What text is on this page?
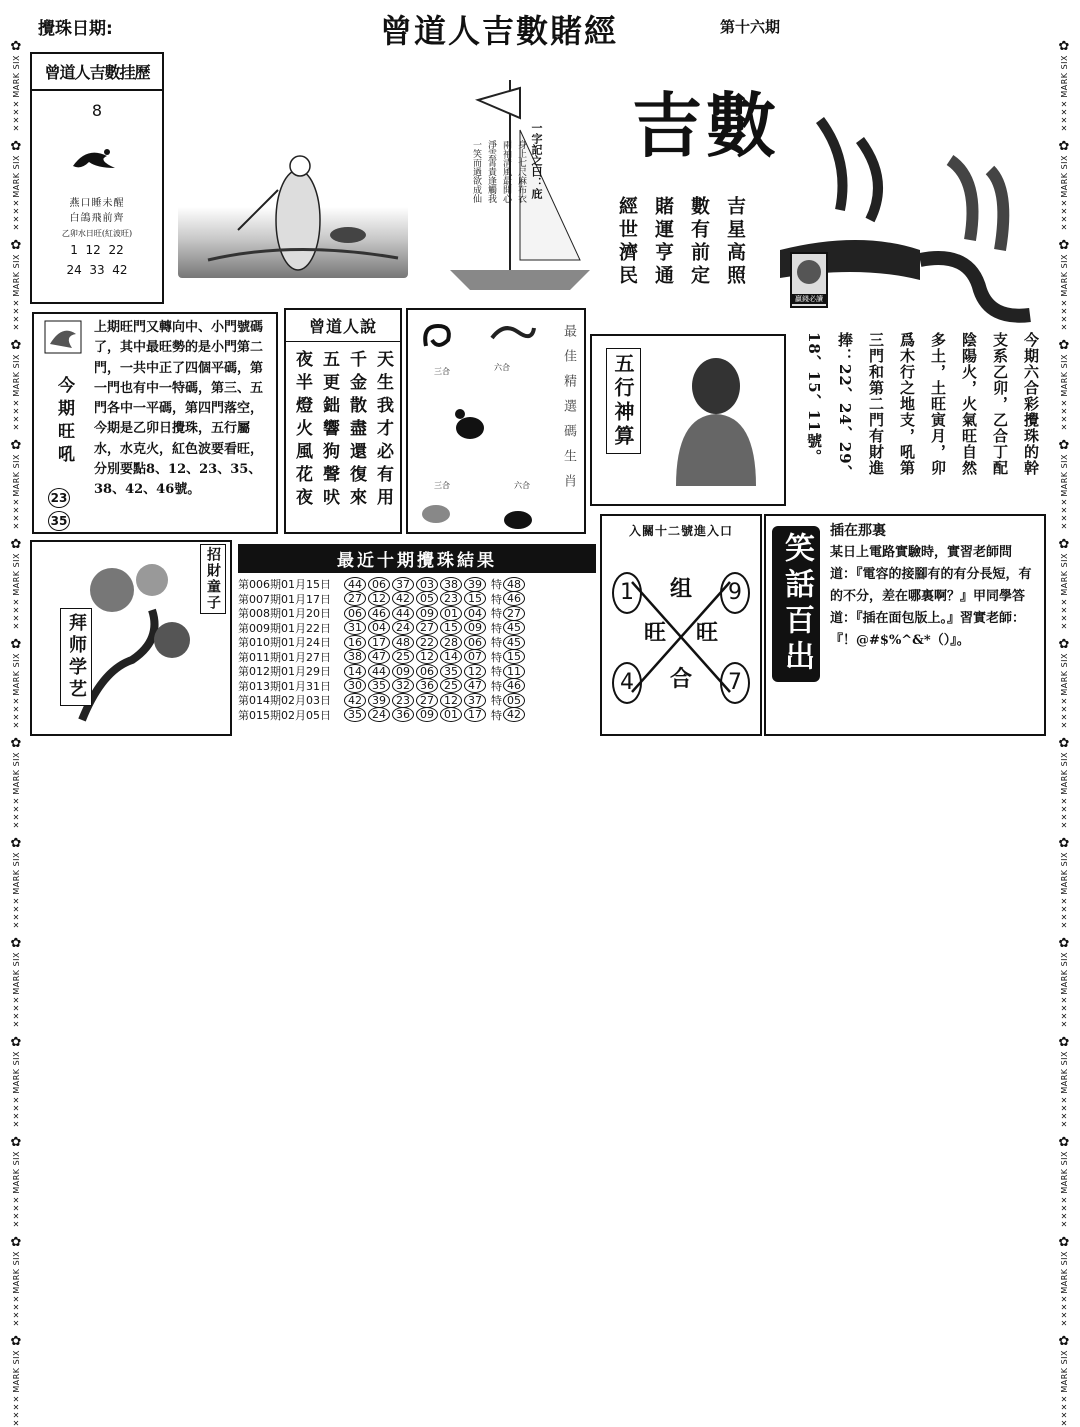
✿
MARK SIX
✕✕✕✕
✿
MARK SIX
✕✕✕✕
✿
MARK SIX
✕✕✕✕
✿
MARK SIX
✕✕✕✕
✿
MARK SIX
✕✕✕✕
✿
MARK SIX
✕✕✕✕
✿
MARK SIX
✕✕✕✕
✿
MARK SIX
✕✕✕✕
✿
MARK SIX
✕✕✕✕
✿
MARK SIX
✕✕✕✕
✿
MARK SIX
✕✕✕✕
✿
MARK SIX
✕✕✕✕
✿
MARK SIX
✕✕✕✕
✿
MARK SIX
✕✕✕✕
✿
MARK SIX
✕✕✕✕
✿
MARK SIX
✕✕✕✕
✿
MARK SIX
✕✕✕✕
✿
MARK SIX
✕✕✕✕
✿
MARK SIX
✕✕✕✕
✿
MARK SIX
✕✕✕✕
✿
MARK SIX
✕✕✕✕
✿
MARK SIX
✕✕✕✕
✿
MARK SIX
✕✕✕✕
✿
MARK SIX
✕✕✕✕
✿
MARK SIX
✕✕✕✕
✿
MARK SIX
✕✕✕✕
✿
MARK SIX
✕✕✕✕
✿
MARK SIX
✕✕✕✕
攪珠日期:	曾道人吉數賭經	第十六期
曾道人吉數挂歷
8
燕口睡未醒
白鴿飛前齊
乙卯水日旺(紅波旺)
1  12  22
24  33  42
一字記之曰：庇
身上七尺麻布衣
兩袖清風最開心
淨雲霄貴逢觸我
一笑而過欲成仙
吉數
吉星高照
數有前定
賭運亨通
經世濟民
贏錢必讀
今期旺吼
23
35
上期旺門又轉向中、小門號碼了，其中最旺勢的是小門第二門，一共中正了四個平碼，第一門也有中一特碼，第三、五門各中一平碼，第四門落空，今期是乙卯日攪珠，五行屬水，水克火，紅色波要看旺，分別要點8、12、23、35、38、42、46號。
曾道人說
天生我才必有用
千金散盡還復來
五更鈯響狗聲吠
夜半燈火風花夜	三合	六合
三合	六合 最佳精選碼生肖 五行神算	今期六合彩攪珠的幹
支系乙卯，乙合丁配
陰陽火，火氣旺自然
多土，土旺寅月，卯
爲木行之地支，吼第
三門和第二門有財進
捧：22、24、29、
18、15、11號。
招財童子
拜师学艺
最近十期攪珠結果
第006期01月15日	44 06 37 03 38 39 特 48
第007期01月17日	27 12 42 05 23 15 特 46
第008期01月20日	06 46 44 09 01 04 特 27
第009期01月22日	31 04 24 27 15 09 特 45
第010期01月24日	16 17 48 22 28 06 特 45
第011期01月27日	38 47 25 12 14 07 特 15
第012期01月29日	14 44 09 06 35 12 特 11
第013期01月31日	30 35 32 36 25 47 特 46
第014期02月03日	42 39 23 27 12 37 特 05
第015期02月05日	35 24 36 09 01 17 特 42
入關十二號進入口
1	9
4	7
组
旺 旺
合
笑話百出
插在那裏
某日上電路實驗時，實習老師問道：『電容的接腳有的有分長短，有的不分，差在哪裏啊？』甲同學答道：『插在面包版上。』習實老師：『！@#$%^&*（）』。
